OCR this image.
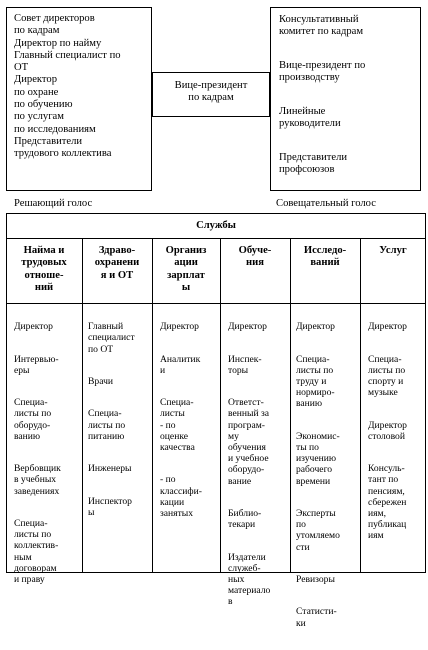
Совет директоров
по кадрам
Директор по найму
Главный специалист по
ОТ
Директор
по охране
по обучению
по услугам
по исследованиям
Представители
трудового коллектива
Вице-президент
по кадрам
Консультативный
комитет по кадрам
Вице-президент по
производству
Линейные
руководители
Представители
профсоюзов
Решающий голос	Совещательный голос
Службы
Найма и
трудовых
отноше-
ний
Здраво-
охранени
я и ОТ
Организ
ации
зарплат
ы
Обуче-
ния
Исследо-
ваний
Услуг

Директор

Интервью-
еры

Специа-
листы по
оборудо-
ванию

Вербовщик
в учебных
заведениях

Специа-
листы по
коллектив-
ным
договорам
и праву

Главный
специалист
по ОТ

Врачи

Специа-
листы по
питанию

Инженеры

Инспектор
ы

Директор

Аналитик
и

Специа-
листы
- по
оценке
качества

- по
классифи-
кации
занятых

Директор

Инспек-
торы

Ответст-
венный за
програм-
му
обучения
и учебное
оборудо-
вание

Библио-
текари

Издатели
служеб-
ных
материало
в

Директор

Специа-
листы по
труду и
нормиро-
ванию

Экономис-
ты по
изучению
рабочего
времени

Эксперты
по
утомляемо
сти

Ревизоры

Статисти-
ки

Директор

Специа-
листы по
спорту и
музыке

Директор
столовой

Консуль-
тант по
пенсиям,
сбережен
иям,
публикац
иям
